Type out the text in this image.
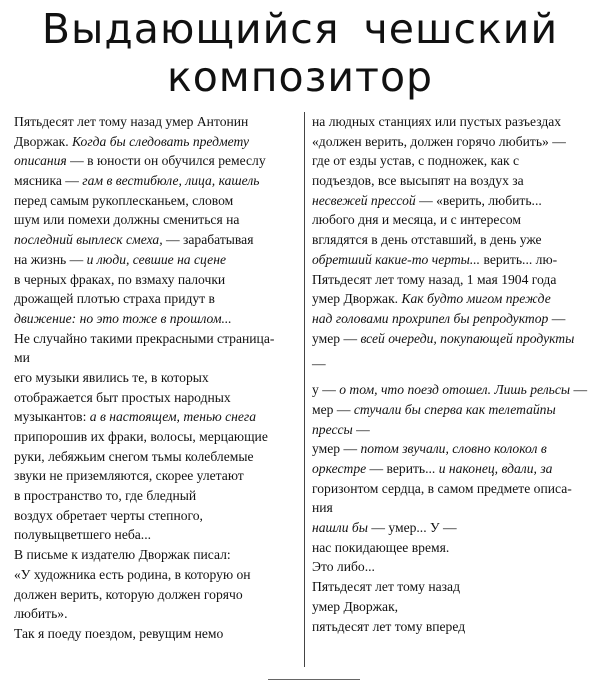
Выдающийся чешский
композитор
Пятьдесят лет тому назад умер Антонин
Дворжак. Когда бы следовать предмету
описания — в юности он обучился ремеслу
мясника — гам в вестибюле, лица, кашель
перед самым рукоплесканьем, словом
шум или помехи должны смениться на
последний выплеск смеха, — зарабатывая
на жизнь — и люди, севшие на сцене
в черных фраках, по взмаху палочки
дрожащей плотью страха придут в
движение: но это тоже в прошлом...
Не случайно такими прекрасными страница-
ми
его музыки явились те, в которых
отображается быт простых народных
музыкантов: а в настоящем, тенью снега
припорошив их фраки, волосы, мерцающие
руки, лебяжьим снегом тьмы колеблемые
звуки не приземляются, скорее улетают
в пространство то, где бледный
воздух обретает черты степного,
полувыцветшего неба...
В письме к издателю Дворжак писал:
«У художника есть родина, в которую он
должен верить, которую должен горячо
любить».
Так я поеду поездом, ревущим немо
на людных станциях или пустых разъездах
«должен верить, должен горячо любить» —
где от езды устав, с подножек, как с
подъездов, все высыпят на воздух за
несвежей прессой — «верить, любить...
любого дня и месяца, и с интересом
вглядятся в день отставший, в день уже
обретший какие-то черты... верить... лю-
Пятьдесят лет тому назад, 1 мая 1904 года
умер Дворжак. Как будто мигом прежде
над головами прохрипел бы репродуктор —
умер — всей очереди, покупающей продукты
—
у — о том, что поезд отошел. Лишь рельсы —
мер — стучали бы сперва как телетайпы
прессы —
умер — потом звучали, словно колокол в
оркестре — верить... и наконец, вдали, за
горизонтом сердца, в самом предмете описа-
ния
нашли бы — умер... У —
нас покидающее время.
Это либо...
Пятьдесят лет тому назад
умер Дворжак,
пятьдесят лет тому вперед
